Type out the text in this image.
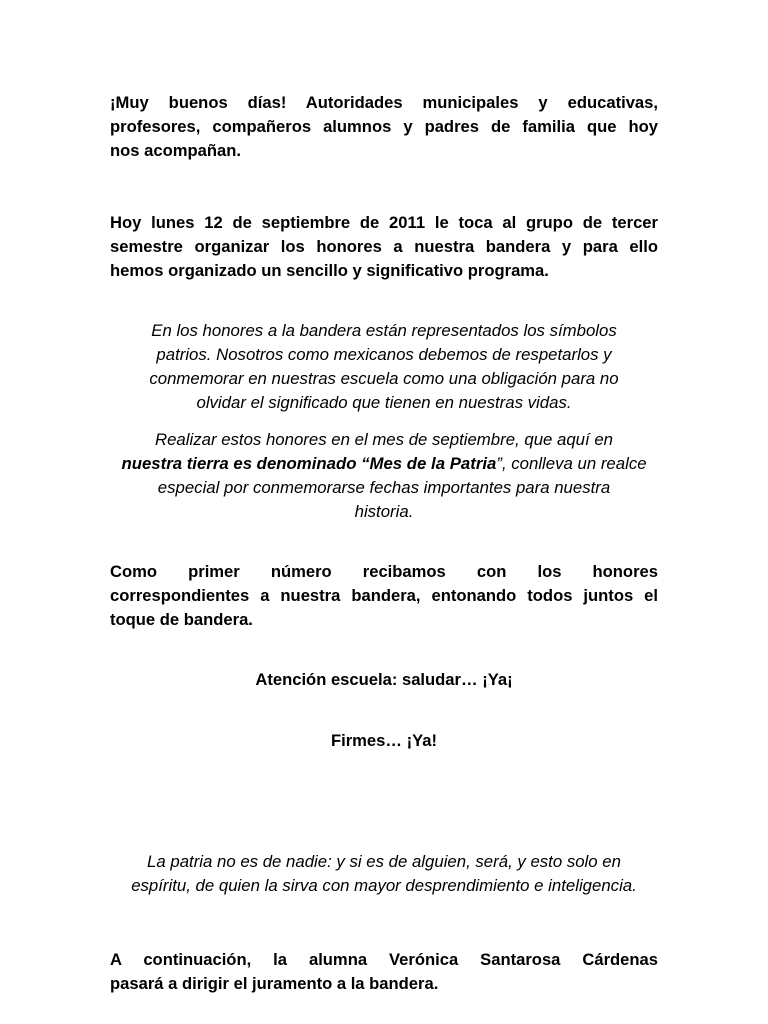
¡Muy buenos días! Autoridades municipales y educativas,
profesores, compañeros alumnos y padres de familia que hoy
nos acompañan.

Hoy lunes 12 de septiembre de 2011 le toca al grupo de tercer
semestre organizar los honores a nuestra bandera y para ello
hemos organizado un sencillo y significativo programa.

En los honores a la bandera están representados los símbolos
patrios. Nosotros como mexicanos debemos de respetarlos y
conmemorar en nuestras escuela como una obligación para no
olvidar el significado que tienen en nuestras vidas.

Realizar estos honores en el mes de septiembre, que aquí en
nuestra tierra es denominado “Mes de la Patria”, conlleva un realce
especial por conmemorarse fechas importantes para nuestra
historia.

Como primer número recibamos con los honores
correspondientes a nuestra bandera, entonando todos juntos el
toque de bandera.

Atención escuela: saludar… ¡Ya¡

Firmes… ¡Ya!

La patria no es de nadie: y si es de alguien, será, y esto solo en
espíritu, de quien la sirva con mayor desprendimiento e inteligencia.

A continuación, la alumna Verónica Santarosa Cárdenas
pasará a dirigir el juramento a la bandera.
